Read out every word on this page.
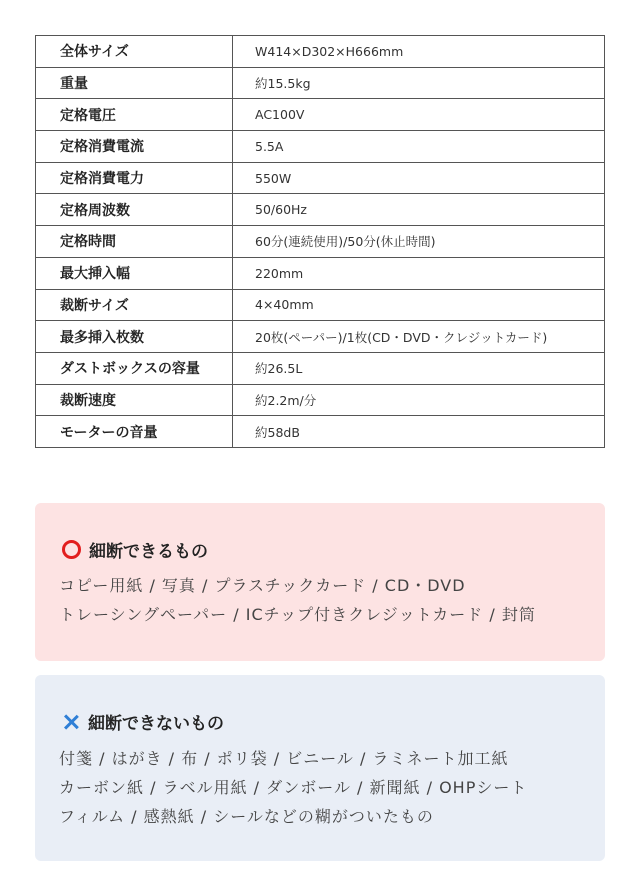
全体サイズ	W414×D302×H666mm
重量	約15.5kg
定格電圧	AC100V
定格消費電流	5.5A
定格消費電力	550W
定格周波数	50/60Hz
定格時間	60分(連続使用)/50分(休止時間)
最大挿入幅	220mm
裁断サイズ	4×40mm
最多挿入枚数	20枚(ペーパー)/1枚(CD・DVD・クレジットカード)
ダストボックスの容量	約26.5L
裁断速度	約2.2m/分
モーターの音量	約58dB
細断できるもの
コピー用紙 / 写真 / プラスチックカード / CD・DVD
トレーシングペーパー / ICチップ付きクレジットカード / 封筒
細断できないもの
付箋 / はがき / 布 / ポリ袋 / ビニール / ラミネート加工紙
カーボン紙 / ラベル用紙 / ダンボール / 新聞紙 / OHPシート
フィルム / 感熱紙 / シールなどの糊がついたもの
